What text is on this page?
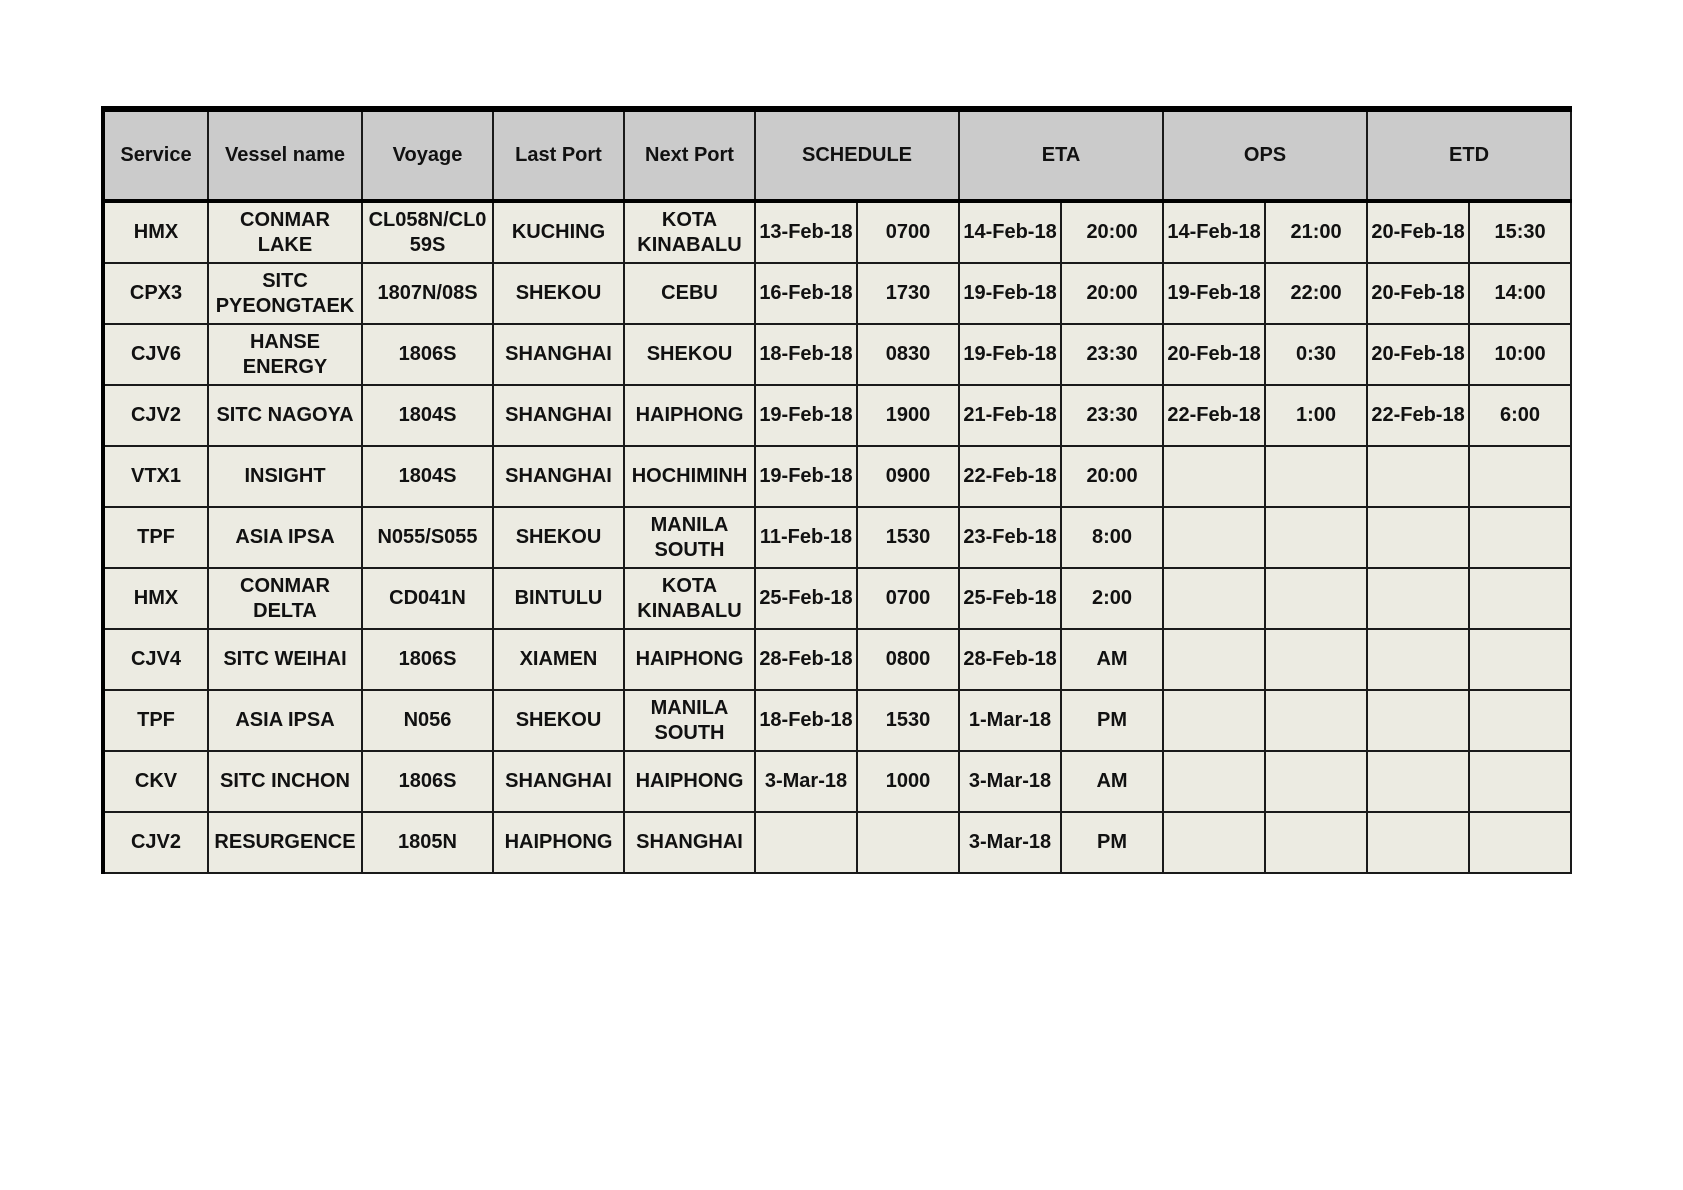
Service	Vessel name	Voyage	Last Port	Next Port	SCHEDULE		ETA		OPS		ETD	
HMX	CONMAR LAKE	CL058N/CL059S	KUCHING	KOTA KINABALU	13-Feb-18	0700	14-Feb-18	20:00	14-Feb-18	21:00	20-Feb-18	15:30
CPX3	SITC PYEONGTAEK	1807N/08S	SHEKOU	CEBU	16-Feb-18	1730	19-Feb-18	20:00	19-Feb-18	22:00	20-Feb-18	14:00
CJV6	HANSE ENERGY	1806S	SHANGHAI	SHEKOU	18-Feb-18	0830	19-Feb-18	23:30	20-Feb-18	0:30	20-Feb-18	10:00
CJV2	SITC NAGOYA	1804S	SHANGHAI	HAIPHONG	19-Feb-18	1900	21-Feb-18	23:30	22-Feb-18	1:00	22-Feb-18	6:00
VTX1	INSIGHT	1804S	SHANGHAI	HOCHIMINH	19-Feb-18	0900	22-Feb-18	20:00				
TPF	ASIA IPSA	N055/S055	SHEKOU	MANILA SOUTH	11-Feb-18	1530	23-Feb-18	8:00				
HMX	CONMAR DELTA	CD041N	BINTULU	KOTA KINABALU	25-Feb-18	0700	25-Feb-18	2:00				
CJV4	SITC WEIHAI	1806S	XIAMEN	HAIPHONG	28-Feb-18	0800	28-Feb-18	AM				
TPF	ASIA IPSA	N056	SHEKOU	MANILA SOUTH	18-Feb-18	1530	1-Mar-18	PM				
CKV	SITC INCHON	1806S	SHANGHAI	HAIPHONG	3-Mar-18	1000	3-Mar-18	AM				
CJV2	RESURGENCE	1805N	HAIPHONG	SHANGHAI			3-Mar-18	PM				
